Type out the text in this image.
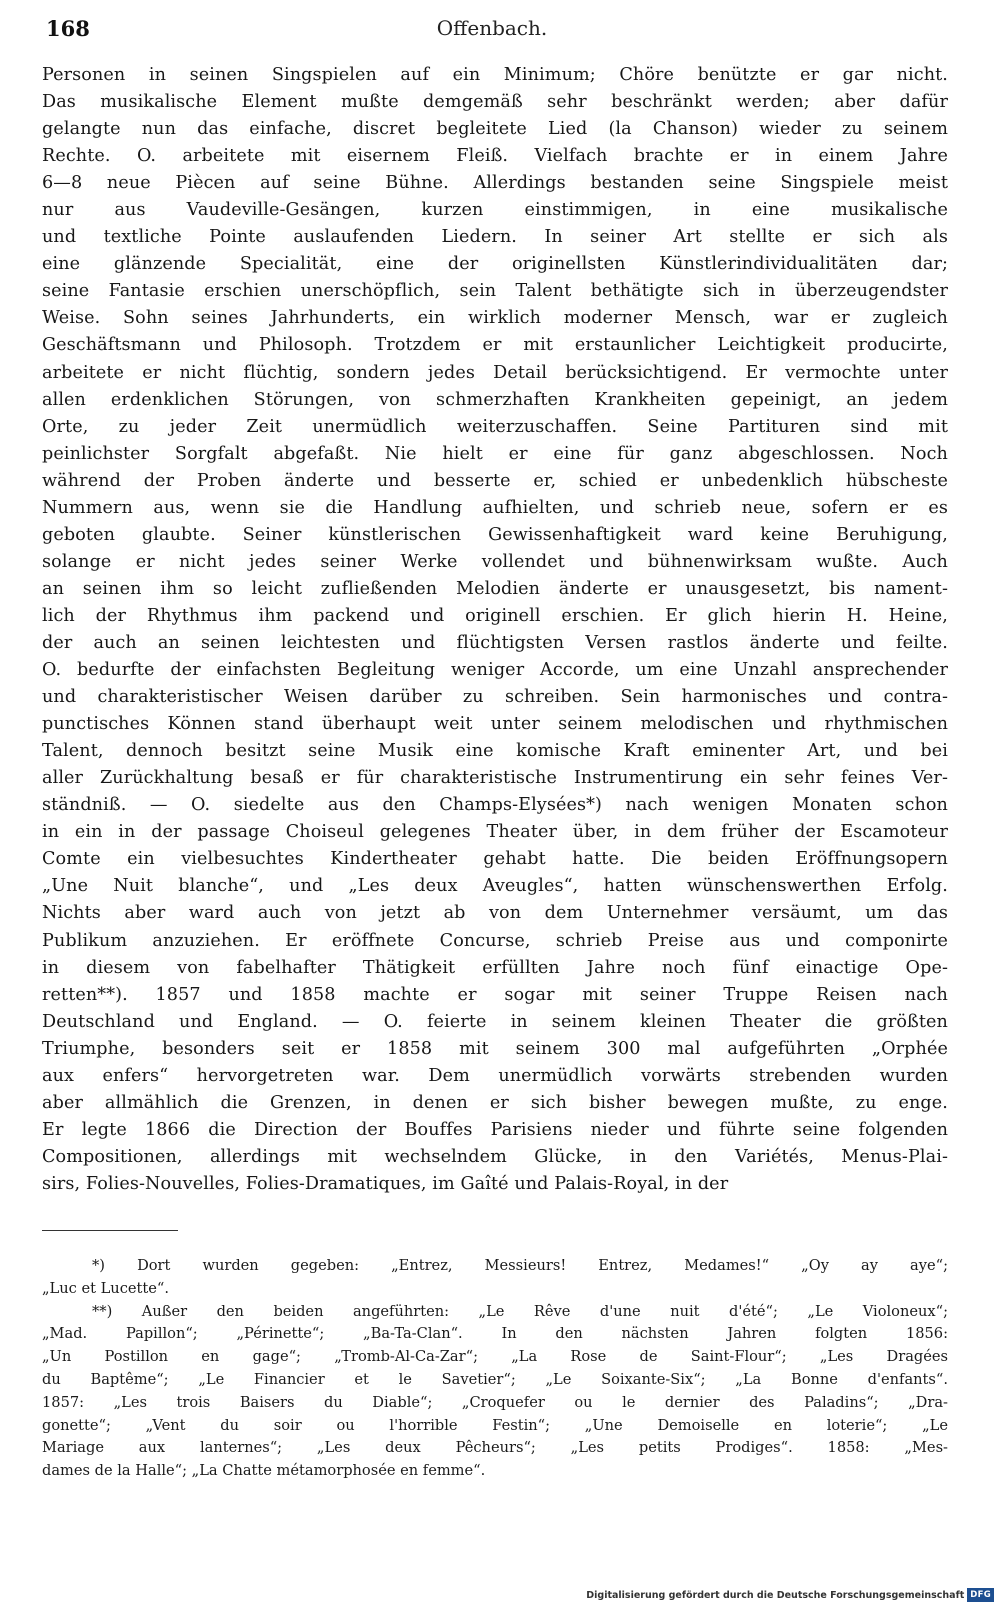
168	Offenbach.
Personen in seinen Singspielen auf ein Minimum; Chöre benützte er gar nicht.
Das musikalische Element mußte demgemäß sehr beschränkt werden; aber dafür
gelangte nun das einfache, discret begleitete Lied (la Chanson) wieder zu seinem
Rechte. O. arbeitete mit eisernem Fleiß. Vielfach brachte er in einem Jahre
6—8 neue Piècen auf seine Bühne. Allerdings bestanden seine Singspiele meist
nur aus Vaudeville-Gesängen, kurzen einstimmigen, in eine musikalische
und textliche Pointe auslaufenden Liedern. In seiner Art stellte er sich als
eine glänzende Specialität, eine der originellsten Künstlerindividualitäten dar;
seine Fantasie erschien unerschöpflich, sein Talent bethätigte sich in überzeugendster
Weise. Sohn seines Jahrhunderts, ein wirklich moderner Mensch, war er zugleich
Geschäftsmann und Philosoph. Trotzdem er mit erstaunlicher Leichtigkeit producirte,
arbeitete er nicht flüchtig, sondern jedes Detail berücksichtigend. Er vermochte unter
allen erdenklichen Störungen, von schmerzhaften Krankheiten gepeinigt, an jedem
Orte, zu jeder Zeit unermüdlich weiterzuschaffen. Seine Partituren sind mit
peinlichster Sorgfalt abgefaßt. Nie hielt er eine für ganz abgeschlossen. Noch
während der Proben änderte und besserte er, schied er unbedenklich hübscheste
Nummern aus, wenn sie die Handlung aufhielten, und schrieb neue, sofern er es
geboten glaubte. Seiner künstlerischen Gewissenhaftigkeit ward keine Beruhigung,
solange er nicht jedes seiner Werke vollendet und bühnenwirksam wußte. Auch
an seinen ihm so leicht zufließenden Melodien änderte er unausgesetzt, bis nament-
lich der Rhythmus ihm packend und originell erschien. Er glich hierin H. Heine,
der auch an seinen leichtesten und flüchtigsten Versen rastlos änderte und feilte.
O. bedurfte der einfachsten Begleitung weniger Accorde, um eine Unzahl ansprechender
und charakteristischer Weisen darüber zu schreiben. Sein harmonisches und contra-
punctisches Können stand überhaupt weit unter seinem melodischen und rhythmischen
Talent, dennoch besitzt seine Musik eine komische Kraft eminenter Art, und bei
aller Zurückhaltung besaß er für charakteristische Instrumentirung ein sehr feines Ver-
ständniß. — O. siedelte aus den Champs-Elysées*) nach wenigen Monaten schon
in ein in der passage Choiseul gelegenes Theater über, in dem früher der Escamoteur
Comte ein vielbesuchtes Kindertheater gehabt hatte. Die beiden Eröffnungsopern
„Une Nuit blanche“, und „Les deux Aveugles“, hatten wünschenswerthen Erfolg.
Nichts aber ward auch von jetzt ab von dem Unternehmer versäumt, um das
Publikum anzuziehen. Er eröffnete Concurse, schrieb Preise aus und componirte
in diesem von fabelhafter Thätigkeit erfüllten Jahre noch fünf einactige Ope-
retten**). 1857 und 1858 machte er sogar mit seiner Truppe Reisen nach
Deutschland und England. — O. feierte in seinem kleinen Theater die größten
Triumphe, besonders seit er 1858 mit seinem 300 mal aufgeführten „Orphée
aux enfers“ hervorgetreten war. Dem unermüdlich vorwärts strebenden wurden
aber allmählich die Grenzen, in denen er sich bisher bewegen mußte, zu enge.
Er legte 1866 die Direction der Bouffes Parisiens nieder und führte seine folgenden
Compositionen, allerdings mit wechselndem Glücke, in den Variétés, Menus-Plai-
sirs, Folies-Nouvelles, Folies-Dramatiques, im Gaîté und Palais-Royal, in der
*) Dort wurden gegeben: „Entrez, Messieurs! Entrez, Medames!“ „Oy ay aye“;
„Luc et Lucette“.
**) Außer den beiden angeführten: „Le Rêve d'une nuit d'été“; „Le Violoneux“;
„Mad. Papillon“; „Périnette“; „Ba-Ta-Clan“. In den nächsten Jahren folgten 1856:
„Un Postillon en gage“; „Tromb-Al-Ca-Zar“; „La Rose de Saint-Flour“; „Les Dragées
du Baptême“; „Le Financier et le Savetier“; „Le Soixante-Six“; „La Bonne d'enfants“.
1857: „Les trois Baisers du Diable“; „Croquefer ou le dernier des Paladins“; „Dra-
gonette“; „Vent du soir ou l'horrible Festin“; „Une Demoiselle en loterie“; „Le
Mariage aux lanternes“; „Les deux Pêcheurs“; „Les petits Prodiges“. 1858: „Mes-
dames de la Halle“; „La Chatte métamorphosée en femme“.
Digitalisierung gefördert durch die Deutsche Forschungsgemeinschaft DFG
